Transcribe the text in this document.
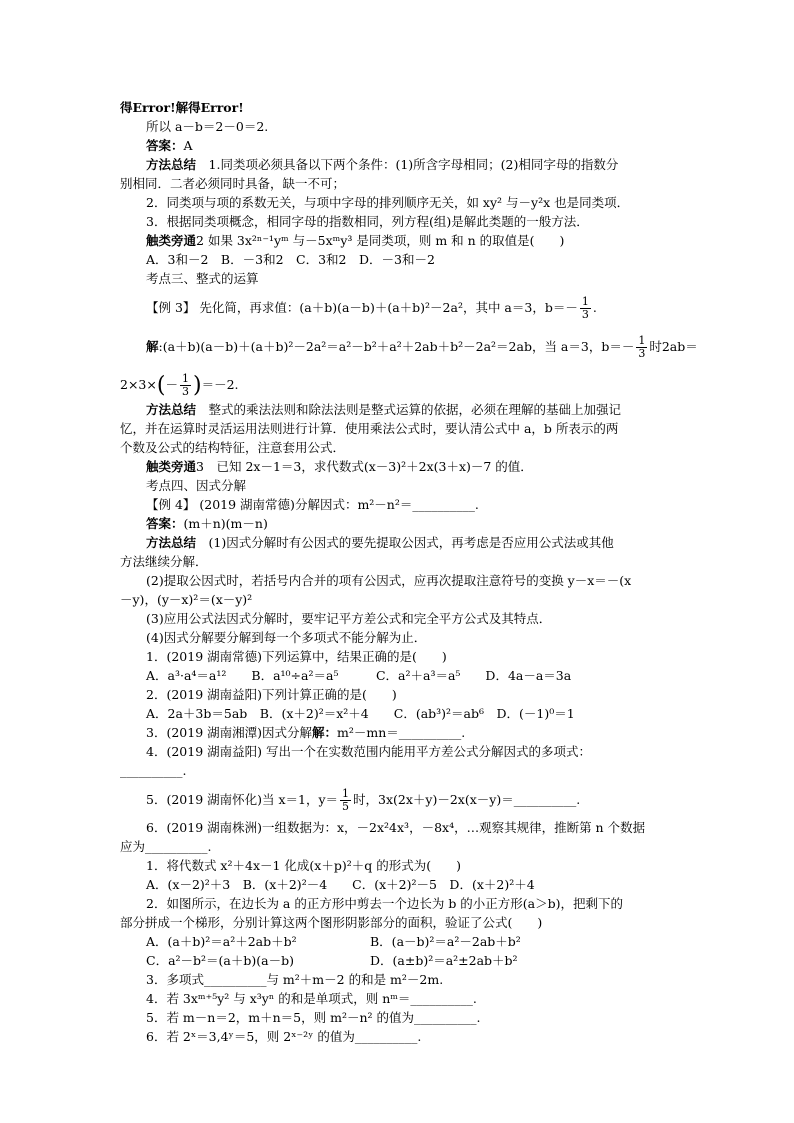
得Error!解得Error!
所以 a－b＝2－0＝2.
答案：A
方法总结　 1.同类项必须具备以下两个条件：(1)所含字母相同；(2)相同字母的指数分
别相同．二者必须同时具备，缺一不可；
2．同类项与项的系数无关，与项中字母的排列顺序无关，如 xy² 与－y²x 也是同类项．
3．根据同类项概念，相同字母的指数相同，列方程(组)是解此类题的一般方法．
触类旁通2 如果 3x²ⁿ⁻¹yᵐ 与－5xᵐy³ 是同类项，则 m 和 n 的取值是(　　)
A．3和－2　B．－3和2　C．3和2　D．－3和－2
考点三、整式的运算
【例 3】 先化简，再求值：(a＋b)(a－b)＋(a＋b)²－2a²，其中 a＝3，$b=- \frac{1}{3}$ .
解:(a＋b)(a－b)＋(a＋b)²－2a²＝a²－b²＋a²＋2ab＋b²－2a²＝2ab，当 a＝3，$b=- \frac{1}{3}$ 时2ab＝
$2\times 3\times(- \frac{1}{3} )=-2$.
方法总结　 整式的乘法法则和除法法则是整式运算的依据，必须在理解的基础上加强记
忆，并在运算时灵活运用法则进行计算．使用乘法公式时，要认清公式中 a，b 所表示的两
个数及公式的结构特征，注意套用公式．
触类旁通3　已知 2x－1＝3，求代数式(x－3)²＋2x(3＋x)－7 的值．
考点四、因式分解
【例 4】 (2019 湖南常德)分解因式：m²－n²＝__________.
答案：(m＋n)(m－n)
方法总结　 (1)因式分解时有公因式的要先提取公因式，再考虑是否应用公式法或其他
方法继续分解．
(2)提取公因式时，若括号内合并的项有公因式，应再次提取注意符号的变换 y－x＝－(x
－y)，(y－x)²＝(x－y)²
(3)应用公式法因式分解时，要牢记平方差公式和完全平方公式及其特点．
(4)因式分解要分解到每一个多项式不能分解为止．
1．(2019 湖南常德)下列运算中，结果正确的是(　　)
A．a³·a⁴＝a¹²　　B．a¹⁰÷a²＝a⁵　　　C．a²＋a³＝a⁵　　D．4a－a＝3a
2．(2019 湖南益阳)下列计算正确的是(　　)
A．2a＋3b＝5ab　B．(x＋2)²＝x²＋4　　C．(ab³)²＝ab⁶　D．(－1)⁰＝1
3．(2019 湖南湘潭)因式分解解：m²－mn＝__________.
4．(2019 湖南益阳) 写出一个在实数范围内能用平方差公式分解因式的多项式：
__________.
5．(2019 湖南怀化)当 x＝1，$y= \frac{1}{5}$ 时，3x(2x＋y)－2x(x－y)＝__________.
6．(2019 湖南株洲)一组数据为：x，－2x²4x³，－8x⁴，…观察其规律，推断第 n 个数据
应为__________.
1．将代数式 x²＋4x－1 化成(x＋p)²＋q 的形式为(　　)
A．(x－2)²＋3　B．(x＋2)²－4　　C．(x＋2)²－5　D．(x＋2)²＋4
2．如图所示，在边长为 a 的正方形中剪去一个边长为 b 的小正方形(a＞b)，把剩下的
部分拼成一个梯形，分别计算这两个图形阴影部分的面积，验证了公式(　　)
A．(a＋b)²＝a²＋2ab＋b²	B．(a－b)²＝a²－2ab＋b²
C．a²－b²＝(a＋b)(a－b)	D．(a±b)²＝a²±2ab＋b²
3．多项式__________与 m²＋m－2 的和是 m²－2m.
4．若 3xᵐ⁺⁵y² 与 x³yⁿ 的和是单项式，则 nᵐ＝__________.
5．若 m－n＝2，m＋n＝5，则 m²－n² 的值为__________.
6．若 2ˣ＝3,4ʸ＝5，则 2ˣ⁻²ʸ 的值为__________.
